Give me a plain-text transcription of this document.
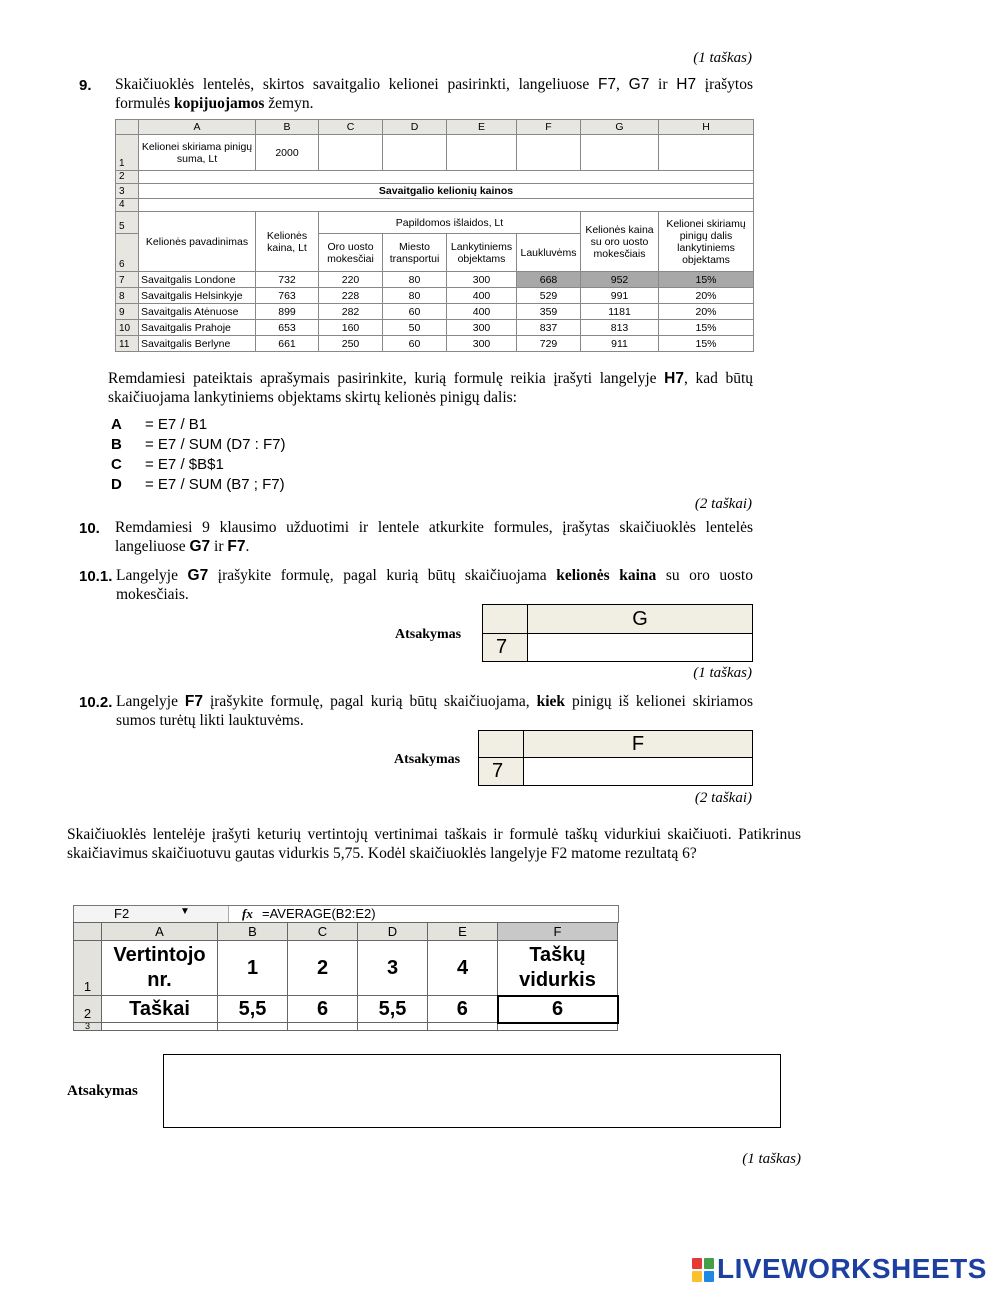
(1 taškas)
9. Skaičiuoklės lentelės, skirtos savaitgalio kelionei pasirinkti, langeliuose F7, G7 ir H7 įrašytos formulės kopijuojamos žemyn.
	A	B	C	D	E	F	G	H
1	Kelionei skiriama pinigų suma, Lt	2000						
2								
3	Savaitgalio kelionių kainos							
4								
5	Kelionės pavadinimas	Kelionės kaina, Lt	Papildomos išlaidos, Lt				Kelionės kaina su oro uosto mokesčiais	Kelionei skiriamų pinigų dalis lankytiniems objektams
6			Oro uosto mokesčiai	Miesto transportui	Lankytiniems objektams	Laukluvėms		
7	Savaitgalis Londone	732	220	80	300	668	952	15%
8	Savaitgalis Helsinkyje	763	228	80	400	529	991	20%
9	Savaitgalis Atėnuose	899	282	60	400	359	1181	20%
10	Savaitgalis Prahoje	653	160	50	300	837	813	15%
11	Savaitgalis Berlyne	661	250	60	300	729	911	15%
Remdamiesi pateiktais aprašymais pasirinkite, kurią formulę reikia įrašyti langelyje H7, kad būtų skaičiuojama lankytiniems objektams skirtų kelionės pinigų dalis:
A = E7 / B1
B = E7 / SUM (D7 : F7)
C = E7 / $B$1
D = E7 / SUM (B7 ; F7)
(2 taškai)
10. Remdamiesi 9 klausimo užduotimi ir lentele atkurkite formules, įrašytas skaičiuoklės lentelės langeliuose G7 ir F7.
10.1. Langelyje G7 įrašykite formulę, pagal kurią būtų skaičiuojama kelionės kaina su oro uosto mokesčiais.
Atsakymas
	G
7	
(1 taškas)
10.2. Langelyje F7 įrašykite formulę, pagal kurią būtų skaičiuojama, kiek pinigų iš kelionei skiriamos sumos turėtų likti lauktuvėms.
Atsakymas
	F
7	
(2 taškai)
Skaičiuoklės lentelėje įrašyti keturių vertintojų vertinimai taškais ir formulė taškų vidurkiui skaičiuoti. Patikrinus skaičiavimus skaičiuotuvu gautas vidurkis 5,75. Kodėl skaičiuoklės langelyje F2 matome rezultatą 6?
F2	▼	fx =AVERAGE(B2:E2)
	A	B	C	D	E	F
1	Vertintojo nr.	1	2	3	4	Taškų vidurkis
2	Taškai	5,5	6	5,5	6	6
3						
Atsakymas
(1 taškas)
LIVEWORKSHEETS
